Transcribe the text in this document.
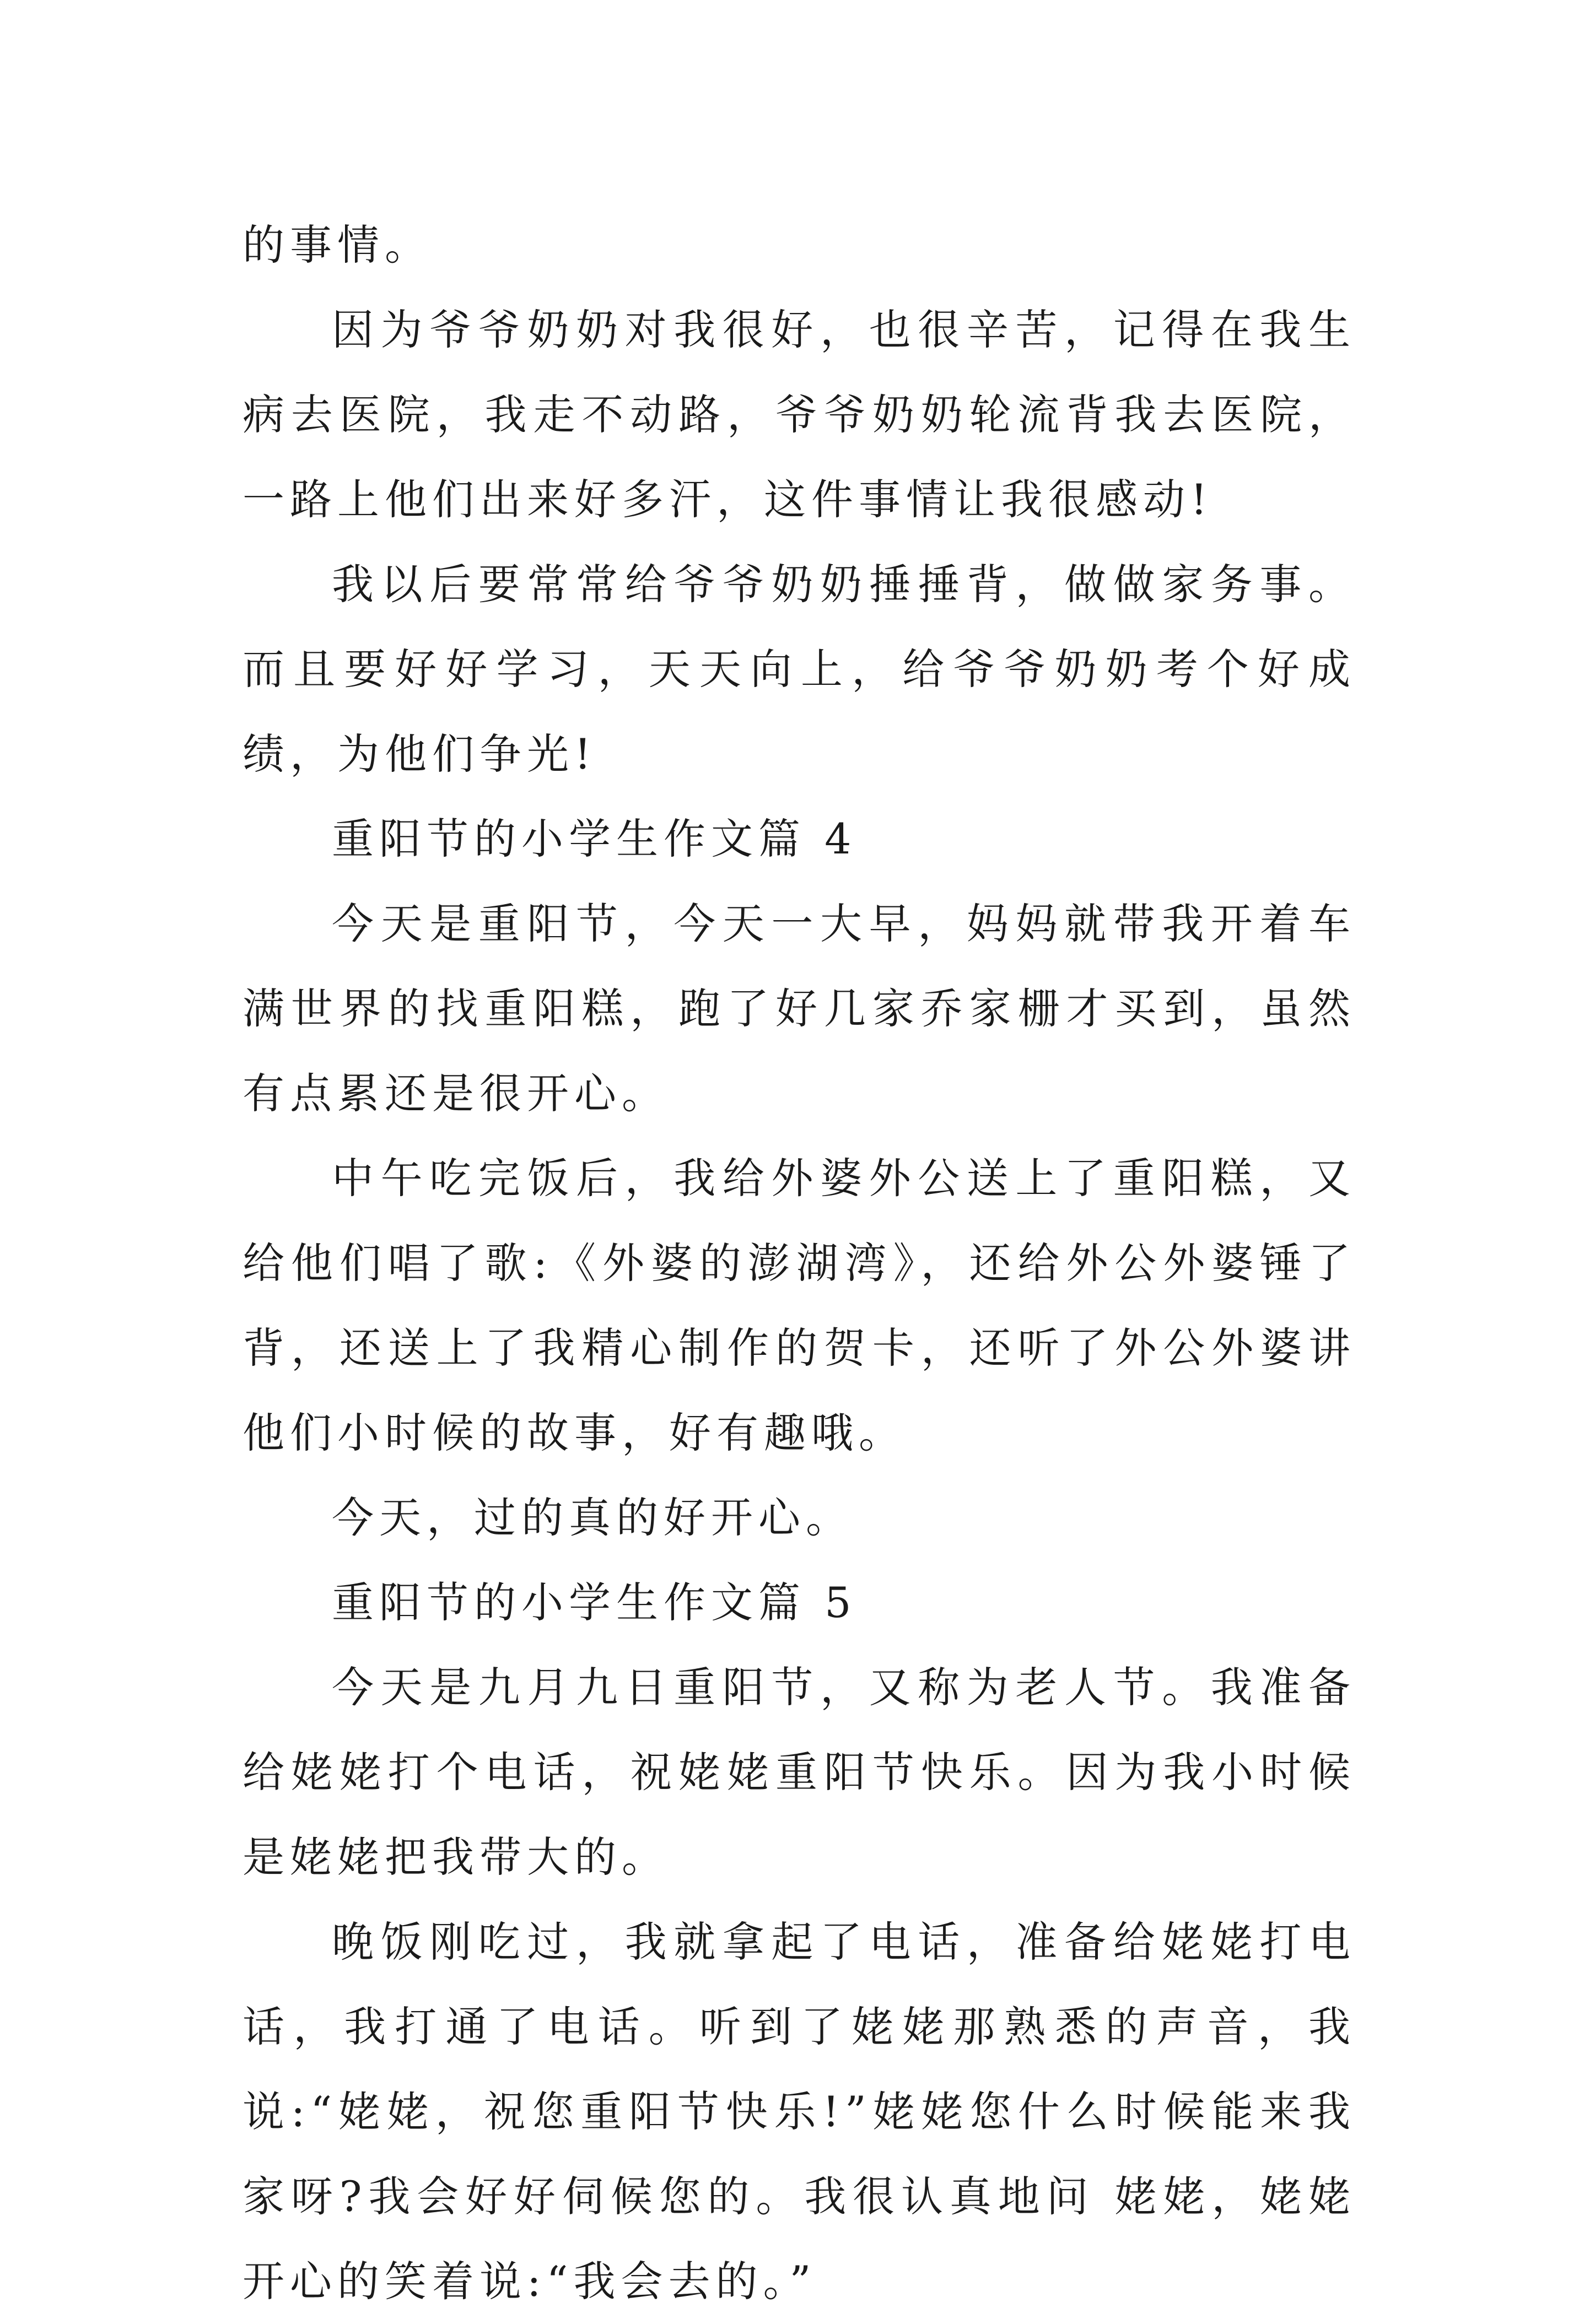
的事情。

因为爷爷奶奶对我很好，也很辛苦，记得在我生病去医院，我走不动路，爷爷奶奶轮流背我去医院，一路上他们出来好多汗，这件事情让我很感动!

我以后要常常给爷爷奶奶捶捶背，做做家务事。而且要好好学习，天天向上，给爷爷奶奶考个好成绩，为他们争光!

重阳节的小学生作文篇 4

今天是重阳节，今天一大早，妈妈就带我开着车满世界的找重阳糕，跑了好几家乔家栅才买到，虽然有点累还是很开心。

中午吃完饭后，我给外婆外公送上了重阳糕，又给他们唱了歌:《外婆的澎湖湾》，还给外公外婆锤了背，还送上了我精心制作的贺卡，还听了外公外婆讲他们小时候的故事，好有趣哦。

今天，过的真的好开心。

重阳节的小学生作文篇 5

今天是九月九日重阳节，又称为老人节。我准备给姥姥打个电话，祝姥姥重阳节快乐。因为我小时候是姥姥把我带大的。

晚饭刚吃过，我就拿起了电话，准备给姥姥打电话，我打通了电话。听到了姥姥那熟悉的声音，我说:“姥姥，祝您重阳节快乐!”姥姥您什么时候能来我家呀?我会好好伺候您的。我很认真地问 姥姥，姥姥开心的笑着说:“我会去的。”
